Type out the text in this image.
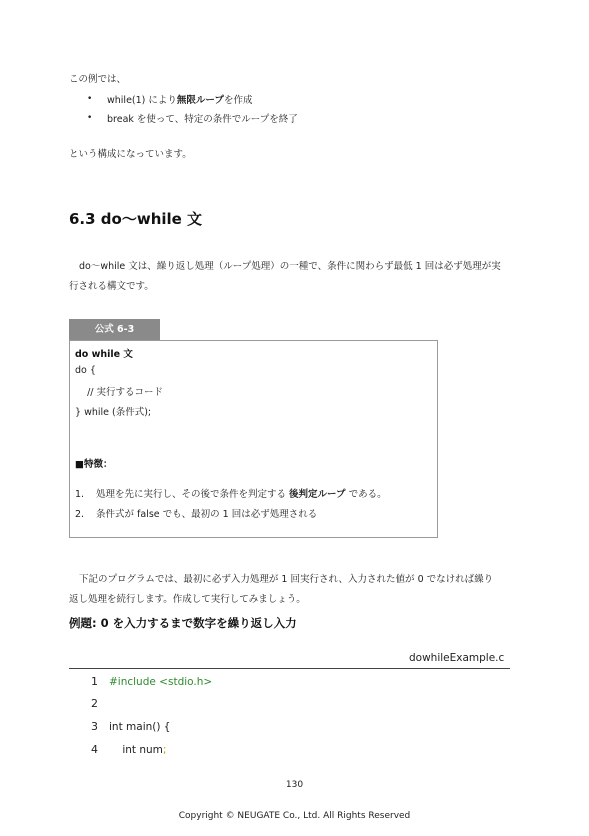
この例では、
•	while(1) により 無限ループ を作成
•	break を使って、特定の条件でループを終了
という構成になっています。
6.3 do～while 文
do～while 文は、繰り返し処理（ループ処理）の一種で、条件に関わらず最低 1 回は必ず処理が実
行される構文です。
公式 6-3
do while 文
do {
// 実行するコード
} while (条件式);
■特徴：
1. 処理を先に実行し、その後で条件を判定する 後判定ループ である。
2. 条件式が false でも、最初の 1 回は必ず処理される
下記のプログラムでは、最初に必ず入力処理が 1 回実行され、入力された値が 0 でなければ繰り
返し処理を続行します。作成して実行してみましょう。
例題: 0 を入力するまで数字を繰り返し入力
dowhileExample.c
1 #include <stdio.h>
2
3 int main() {
4    int num;
130
Copyright © NEUGATE Co., Ltd. All Rights Reserved
